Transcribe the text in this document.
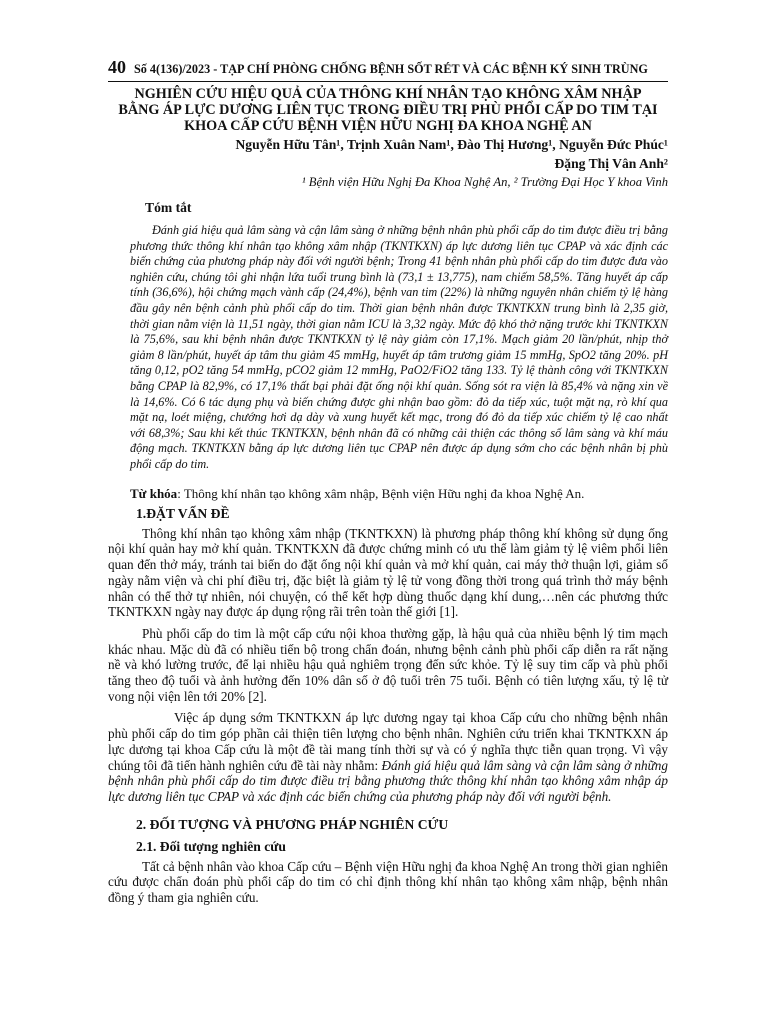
40 Số 4(136)/2023 - TẠP CHÍ PHÒNG CHỐNG BỆNH SỐT RÉT VÀ CÁC BỆNH KÝ SINH TRÙNG
NGHIÊN CỨU HIỆU QUẢ CỦA THÔNG KHÍ NHÂN TẠO KHÔNG XÂM NHẬP
BẰNG ÁP LỰC DƯƠNG LIÊN TỤC TRONG ĐIỀU TRỊ PHÙ PHỔI CẤP DO TIM TẠI
KHOA CẤP CỨU BỆNH VIỆN HỮU NGHỊ ĐA KHOA NGHỆ AN
Nguyễn Hữu Tân¹, Trịnh Xuân Nam¹, Đào Thị Hương¹, Nguyễn Đức Phúc¹
Đặng Thị Vân Anh²
¹ Bệnh viện Hữu Nghị Đa Khoa Nghệ An, ² Trường Đại Học Y khoa Vinh
Tóm tắt

Đánh giá hiệu quả lâm sàng và cận lâm sàng ở những bệnh nhân phù phổi cấp do tim được điều trị bằng phương thức thông khí nhân tạo không xâm nhập (TKNTKXN) áp lực dương liên tục CPAP và xác định các biến chứng của phương pháp này đối với người bệnh; Trong 41 bệnh nhân phù phổi cấp do tim được đưa vào nghiên cứu, chúng tôi ghi nhận lứa tuổi trung bình là (73,1 ± 13,775), nam chiếm 58,5%. Tăng huyết áp cấp tính (36,6%), hội chứng mạch vành cấp (24,4%), bệnh van tim (22%) là những nguyên nhân chiếm tỷ lệ hàng đầu gây nên bệnh cảnh phù phổi cấp do tim. Thời gian bệnh nhân được TKNTKXN trung bình là 2,35 giờ, thời gian nằm viện là 11,51 ngày, thời gian nằm ICU là 3,32 ngày. Mức độ khó thở nặng trước khi TKNTKXN là 75,6%, sau khi bệnh nhân được TKNTKXN tỷ lệ này giảm còn 17,1%. Mạch giảm 20 lần/phút, nhịp thở giảm 8 lần/phút, huyết áp tâm thu giảm 45 mmHg, huyết áp tâm trương giảm 15 mmHg, SpO2 tăng 20%. pH tăng 0,12, pO2 tăng 54 mmHg, pCO2 giảm 12 mmHg, PaO2/FiO2 tăng 133. Tỷ lệ thành công với TKNTKXN bằng CPAP là 82,9%, có 17,1% thất bại phải đặt ống nội khí quản. Sống sót ra viện là 85,4% và nặng xin về là 14,6%. Có 6 tác dụng phụ và biến chứng được ghi nhận bao gồm: đỏ da tiếp xúc, tuột mặt nạ, rò khí qua mặt nạ, loét miệng, chướng hơi dạ dày và xung huyết kết mạc, trong đó đỏ da tiếp xúc chiếm tỷ lệ cao nhất với 68,3%; Sau khi kết thúc TKNTKXN, bệnh nhân đã có những cải thiện các thông số lâm sàng và khí máu động mạch. TKNTKXN bằng áp lực dương liên tục CPAP nên được áp dụng sớm cho các bệnh nhân bị phù phổi cấp do tim.

Từ khóa: Thông khí nhân tạo không xâm nhập, Bệnh viện Hữu nghị đa khoa Nghệ An.
1.ĐẶT VẤN ĐỀ

Thông khí nhân tạo không xâm nhập (TKNTKXN) là phương pháp thông khí không sử dụng ống nội khí quản hay mở khí quản. TKNTKXN đã được chứng minh có ưu thế làm giảm tỷ lệ viêm phổi liên quan đến thở máy, tránh tai biến do đặt ống nội khí quản và mở khí quản, cai máy thở thuận lợi, giảm số ngày nằm viện và chi phí điều trị, đặc biệt là giảm tỷ lệ tử vong đồng thời trong quá trình thở máy bệnh nhân có thể thở tự nhiên, nói chuyện, có thể kết hợp dùng thuốc dạng khí dung,…nên các phương thức TKNTKXN ngày nay được áp dụng rộng rãi trên toàn thế giới [1].

Phù phổi cấp do tim là một cấp cứu nội khoa thường gặp, là hậu quả của nhiều bệnh lý tim mạch khác nhau. Mặc dù đã có nhiều tiến bộ trong chẩn đoán, nhưng bệnh cảnh phù phổi cấp diễn ra rất nặng nề và khó lường trước, để lại nhiều hậu quả nghiêm trọng đến sức khỏe. Tỷ lệ suy tim cấp và phù phổi tăng theo độ tuổi và ảnh hưởng đến 10% dân số ở độ tuổi trên 75 tuổi. Bệnh có tiên lượng xấu, tỷ lệ tử vong nội viện lên tới 20% [2].

Việc áp dụng sớm TKNTKXN áp lực dương ngay tại khoa Cấp cứu cho những bệnh nhân phù phổi cấp do tim góp phần cải thiện tiên lượng cho bệnh nhân. Nghiên cứu triển khai TKNTKXN áp lực dương tại khoa Cấp cứu là một đề tài mang tính thời sự và có ý nghĩa thực tiễn quan trọng. Vì vậy chúng tôi đã tiến hành nghiên cứu đề tài này nhằm: Đánh giá hiệu quả lâm sàng và cận lâm sàng ở những bệnh nhân phù phổi cấp do tim được điều trị bằng phương thức thông khí nhân tạo không xâm nhập áp lực dương liên tục CPAP và xác định các biến chứng của phương pháp này đối với người bệnh.

2. ĐỐI TƯỢNG VÀ PHƯƠNG PHÁP NGHIÊN CỨU
2.1. Đối tượng nghiên cứu

Tất cả bệnh nhân vào khoa Cấp cứu – Bệnh viện Hữu nghị đa khoa Nghệ An trong thời gian nghiên cứu được chẩn đoán phù phổi cấp do tim có chỉ định thông khí nhân tạo không xâm nhập, bệnh nhân đồng ý tham gia nghiên cứu.
